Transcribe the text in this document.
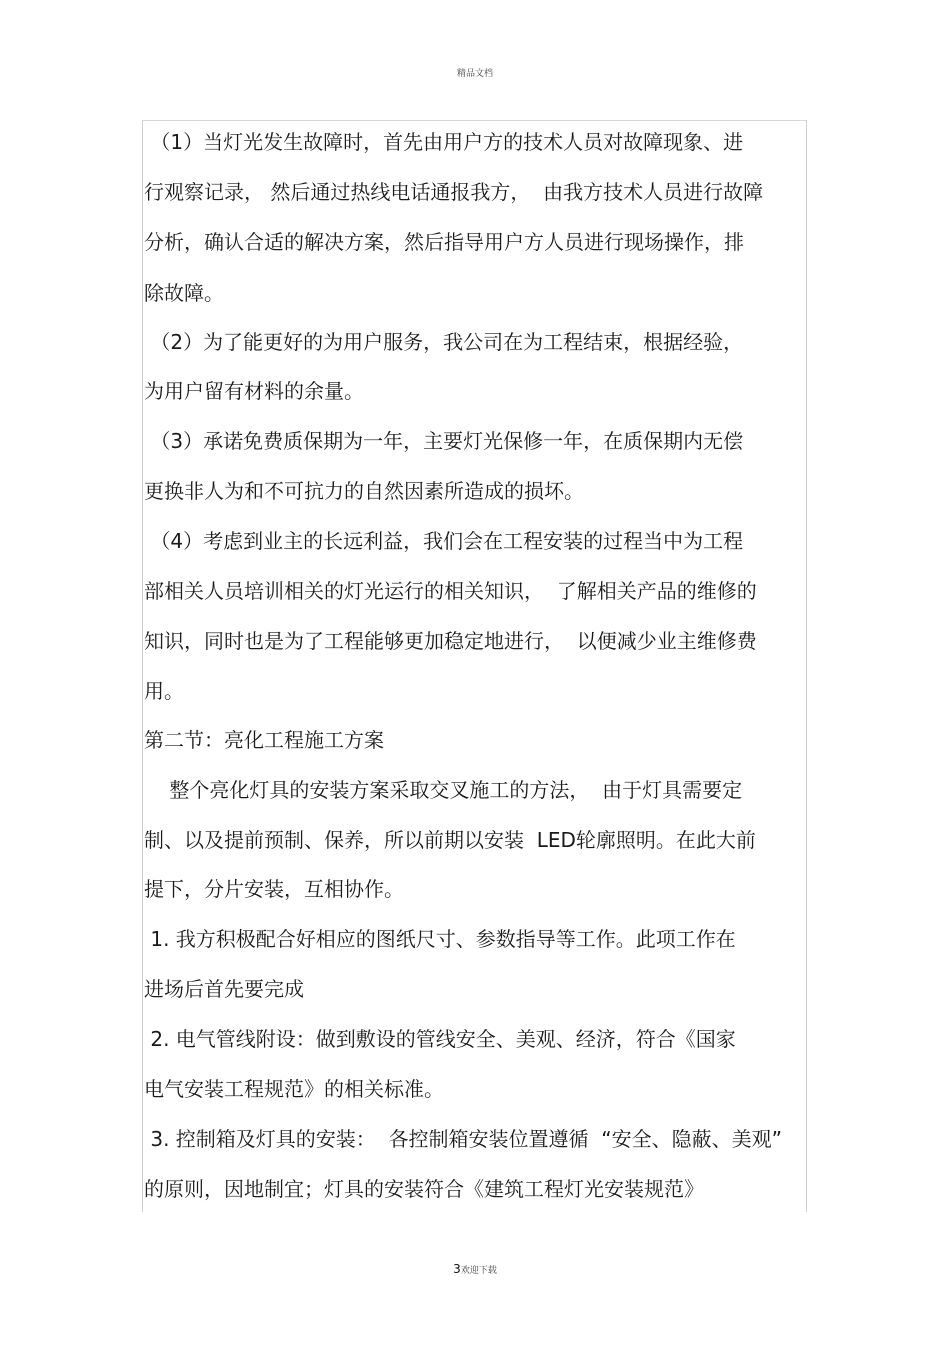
精品文档
（1）当灯光发生故障时，首先由用户方的技术人员对故障现象、进
行观察记录， 然后通过热线电话通报我方，  由我方技术人员进行故障
分析，确认合适的解决方案，然后指导用户方人员进行现场操作，排
除故障。
（2）为了能更好的为用户服务，我公司在为工程结束，根据经验，
为用户留有材料的余量。
（3）承诺免费质保期为一年，主要灯光保修一年，在质保期内无偿
更换非人为和不可抗力的自然因素所造成的损坏。
（4）考虑到业主的长远利益，我们会在工程安装的过程当中为工程
部相关人员培训相关的灯光运行的相关知识，  了解相关产品的维修的
知识，同时也是为了工程能够更加稳定地进行，  以便减少业主维修费
用。
第二节：亮化工程施工方案
整个亮化灯具的安装方案采取交叉施工的方法，  由于灯具需要定
制、以及提前预制、保养，所以前期以安装  LED轮廓照明。在此大前
提下，分片安装，互相协作。
1. 我方积极配合好相应的图纸尺寸、参数指导等工作。此项工作在
进场后首先要完成
2. 电气管线附设：做到敷设的管线安全、美观、经济，符合《国家
电气安装工程规范》的相关标准。
3. 控制箱及灯具的安装：  各控制箱安装位置遵循  “安全、隐蔽、美观”
的原则，因地制宜；灯具的安装符合《建筑工程灯光安装规范》
3欢迎下载
